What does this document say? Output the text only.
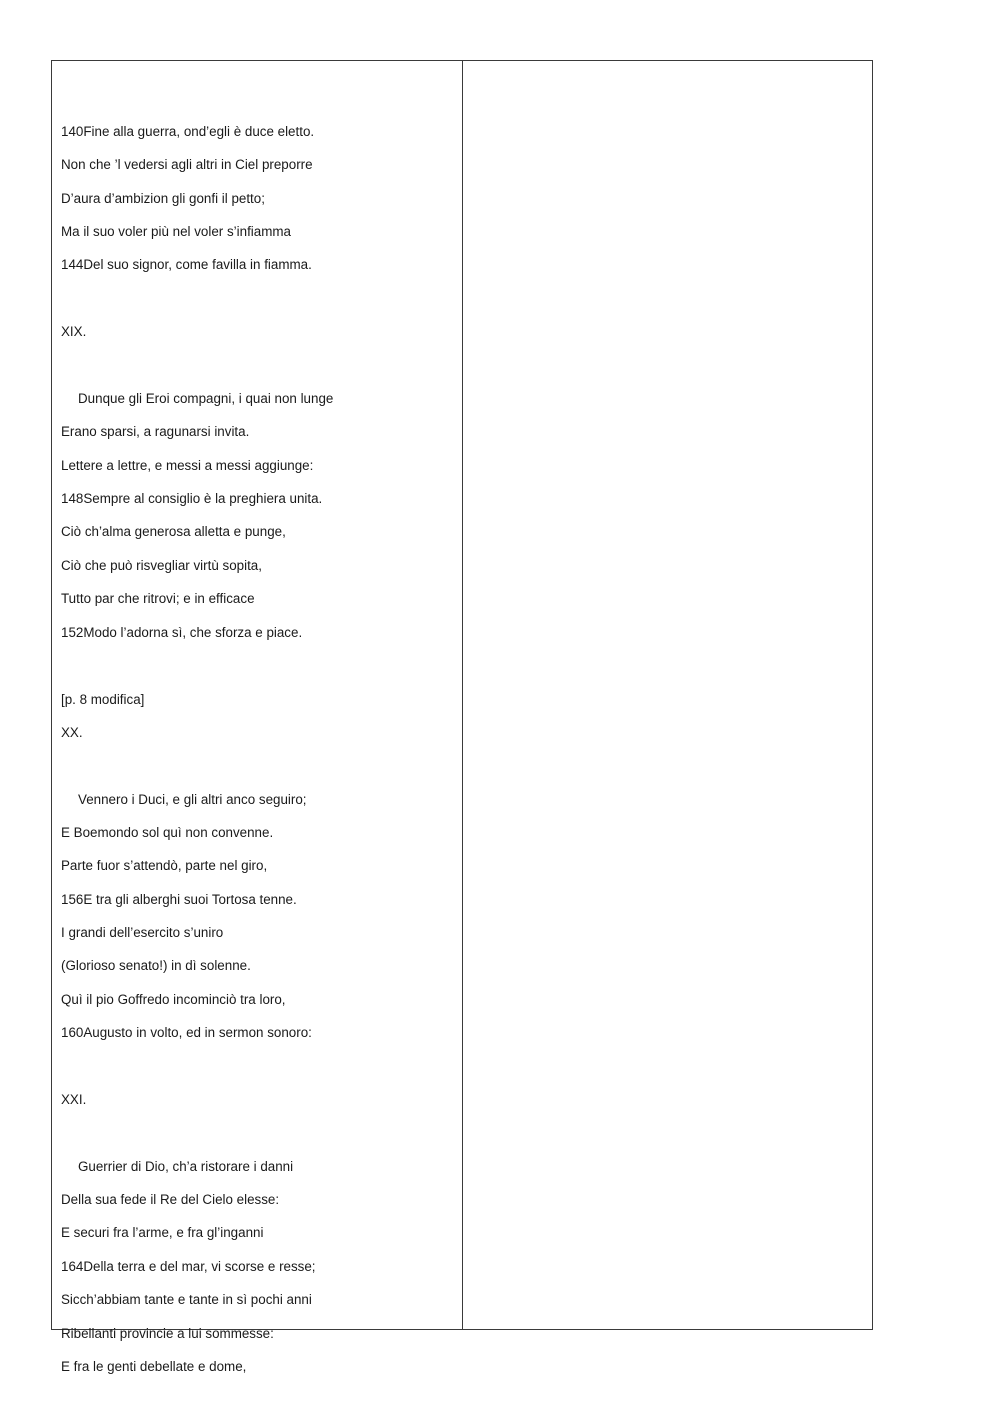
140Fine alla guerra, ond’egli è duce eletto.
Non che ’l vedersi agli altri in Ciel preporre
D’aura d’ambizion gli gonfi il petto;
Ma il suo voler più nel voler s’infiamma
144Del suo signor, come favilla in fiamma.
XIX.
Dunque gli Eroi compagni, i quai non lunge
Erano sparsi, a ragunarsi invita.
Lettere a lettre, e messi a messi aggiunge:
148Sempre al consiglio è la preghiera unita.
Ciò ch’alma generosa alletta e punge,
Ciò che può risvegliar virtù sopita,
Tutto par che ritrovi; e in efficace
152Modo l’adorna sì, che sforza e piace.
[p. 8 modifica]
XX.
Vennero i Duci, e gli altri anco seguiro;
E Boemondo sol quì non convenne.
Parte fuor s’attendò, parte nel giro,
156E tra gli alberghi suoi Tortosa tenne.
I grandi dell’esercito s’uniro
(Glorioso senato!) in dì solenne.
Quì il pio Goffredo incominciò tra loro,
160Augusto in volto, ed in sermon sonoro:
XXI.
Guerrier di Dio, ch’a ristorare i danni
Della sua fede il Re del Cielo elesse:
E securi fra l’arme, e fra gl’inganni
164Della terra e del mar, vi scorse e resse;
Sicch’abbiam tante e tante in sì pochi anni
Ribellanti provincie a lui sommesse:
E fra le genti debellate e dome,
